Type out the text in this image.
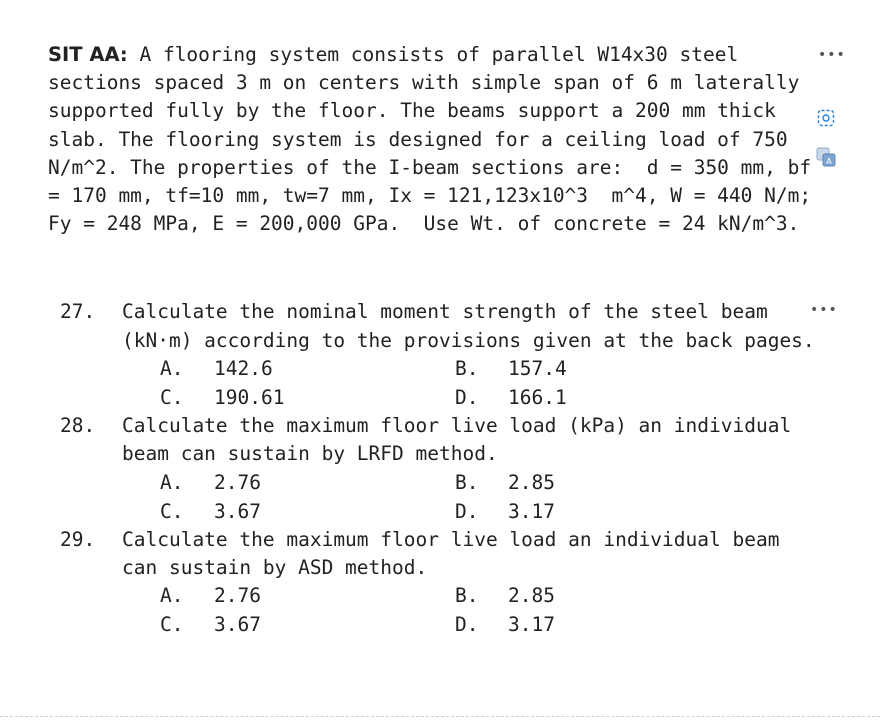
SIT AA: A flooring system consists of parallel W14x30 steel
sections spaced 3 m on centers with simple span of 6 m laterally
supported fully by the floor. The beams support a 200 mm thick
slab. The flooring system is designed for a ceiling load of 750
N/m^2. The properties of the I-beam sections are:  d = 350 mm, bf
= 170 mm, tf=10 mm, tw=7 mm, Ix = 121,123x10^3  m^4, W = 440 N/m;
Fy = 248 MPa, E = 200,000 GPa.  Use Wt. of concrete = 24 kN/m^3.
•••
A
27. Calculate the nominal moment strength of the steel beam
(kN·m) according to the provisions given at the back pages.
•••
A. 142.6	B. 157.4
C. 190.61	D. 166.1
28. Calculate the maximum floor live load (kPa) an individual
beam can sustain by LRFD method.
A. 2.76	B. 2.85
C. 3.67	D. 3.17
29. Calculate the maximum floor live load an individual beam
can sustain by ASD method.
A. 2.76	B. 2.85
C. 3.67	D. 3.17
